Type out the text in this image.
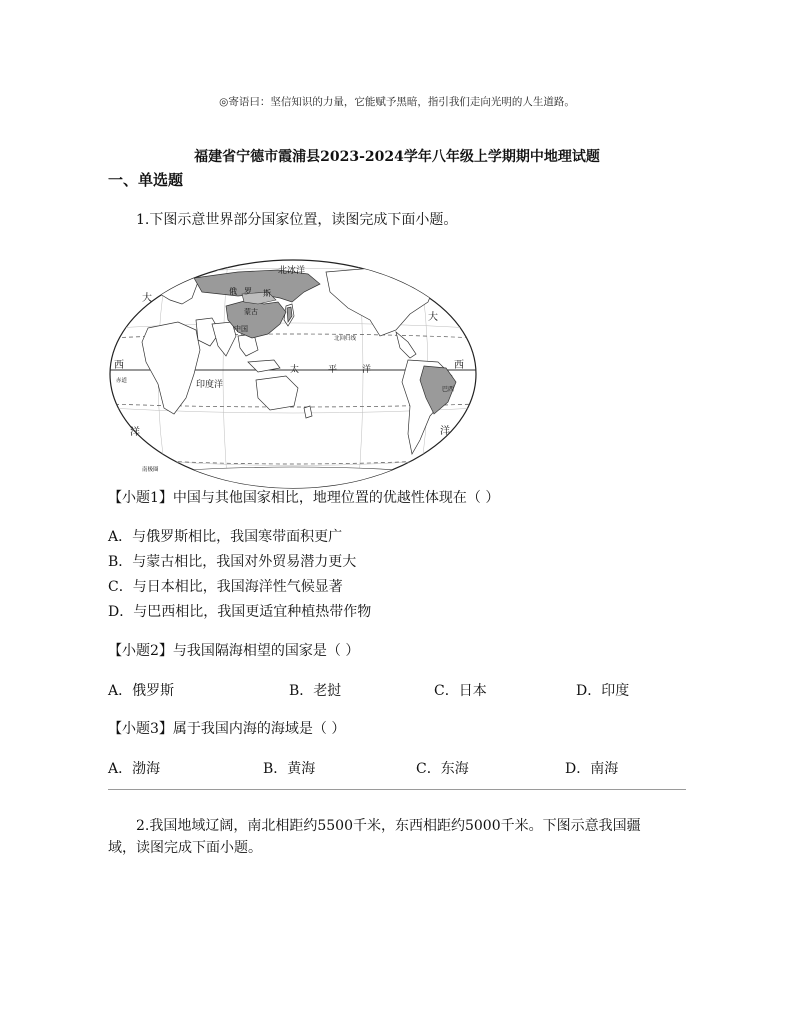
◎寄语曰：坚信知识的力量，它能赋予黑暗，指引我们走向光明的人生道路。
福建省宁德市霞浦县2023-2024学年八年级上学期期中地理试题
一、单选题
1.下图示意世界部分国家位置，读图完成下面小题。
北冰洋
俄 罗 斯
蒙古
中国
太	平	洋
印度洋	巴西
大
西
洋
大
西
洋
北回归线
赤道
南极圈
【小题1】中国与其他国家相比，地理位置的优越性体现在（ ）
A．与俄罗斯相比，我国寒带面积更广
B．与蒙古相比，我国对外贸易潜力更大
C．与日本相比，我国海洋性气候显著
D．与巴西相比，我国更适宜种植热带作物
【小题2】与我国隔海相望的国家是（ ）
A．俄罗斯	B．老挝	C．日本	D．印度
【小题3】属于我国内海的海域是（ ）
A．渤海	B．黄海	C．东海	D．南海
2.我国地域辽阔，南北相距约5500千米，东西相距约5000千米。下图示意我国疆
域，读图完成下面小题。
